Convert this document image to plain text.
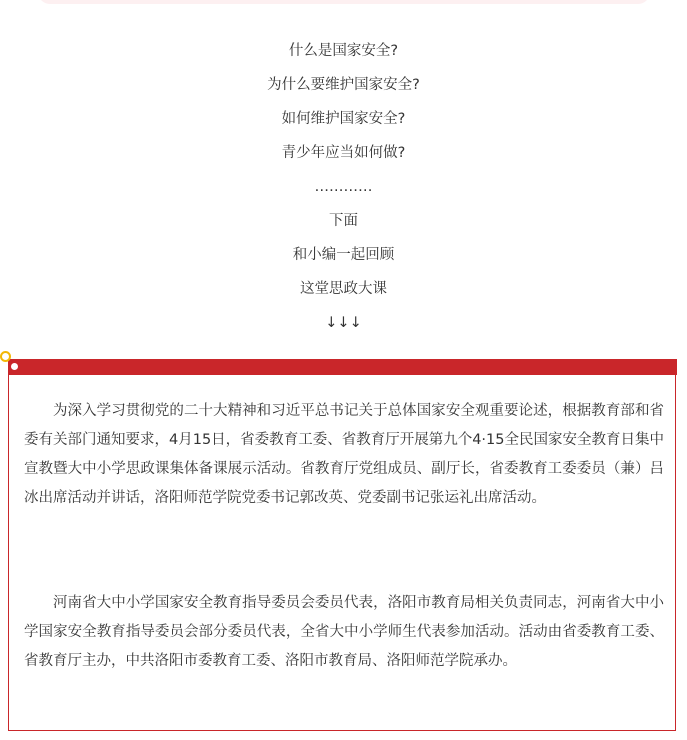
什么是国家安全?
为什么要维护国家安全?
如何维护国家安全?
青少年应当如何做?
…………
下面
和小编一起回顾
这堂思政大课
↓↓↓

为深入学习贯彻党的二十大精神和习近平总书记关于总体国家安全观重要论述，根据教育部和省委有关部门通知要求，4月15日，省委教育工委、省教育厅开展第九个4·15全民国家安全教育日集中宣教暨大中小学思政课集体备课展示活动。省教育厅党组成员、副厅长，省委教育工委委员（兼）吕冰出席活动并讲话，洛阳师范学院党委书记郭改英、党委副书记张运礼出席活动。

河南省大中小学国家安全教育指导委员会委员代表，洛阳市教育局相关负责同志，河南省大中小学国家安全教育指导委员会部分委员代表，全省大中小学师生代表参加活动。活动由省委教育工委、省教育厅主办，中共洛阳市委教育工委、洛阳市教育局、洛阳师范学院承办。
